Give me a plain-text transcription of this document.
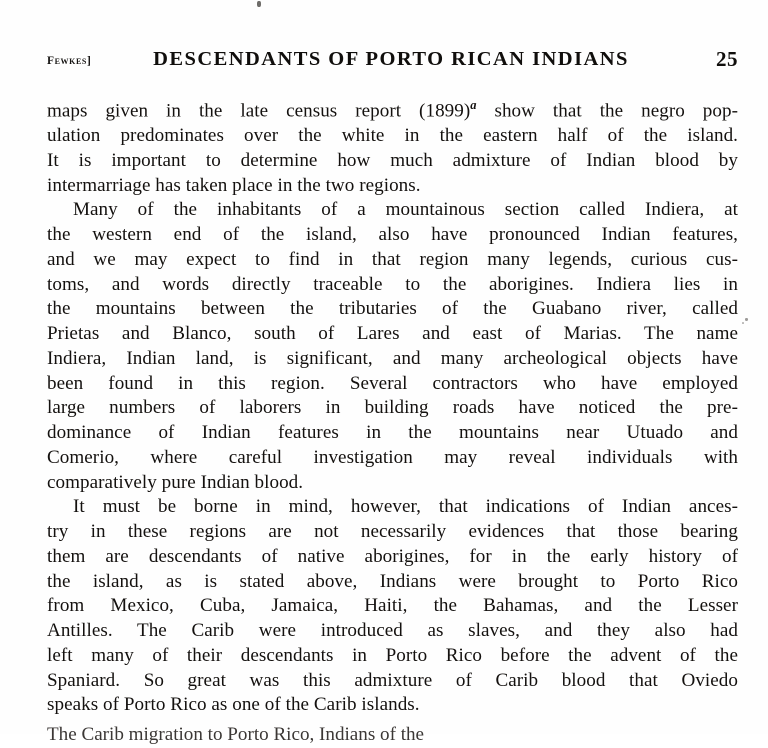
Fewkes]	DESCENDANTS OF PORTO RICAN INDIANS	25

maps given in the late census report (1899)$^a$ show that the negro pop-
ulation predominates over the white in the eastern half of the island.
It is important to determine how much admixture of Indian blood by
intermarriage has taken place in the two regions.

Many of the inhabitants of a mountainous section called Indiera, at
the western end of the island, also have pronounced Indian features,
and we may expect to find in that region many legends, curious cus-
toms, and words directly traceable to the aborigines. Indiera lies in
the mountains between the tributaries of the Guabano river, called
Prietas and Blanco, south of Lares and east of Marias. The name
Indiera, Indian land, is significant, and many archeological objects have
been found in this region. Several contractors who have employed
large numbers of laborers in building roads have noticed the pre-
dominance of Indian features in the mountains near Utuado and
Comerio, where careful investigation may reveal individuals with
comparatively pure Indian blood.

It must be borne in mind, however, that indications of Indian ances-
try in these regions are not necessarily evidences that those bearing
them are descendants of native aborigines, for in the early history of
the island, as is stated above, Indians were brought to Porto Rico
from Mexico, Cuba, Jamaica, Haiti, the Bahamas, and the Lesser
Antilles. The Carib were introduced as slaves, and they also had
left many of their descendants in Porto Rico before the advent of the
Spaniard. So great was this admixture of Carib blood that Oviedo
speaks of Porto Rico as one of the Carib islands.

The Carib migration to Porto Rico, Indians of the
